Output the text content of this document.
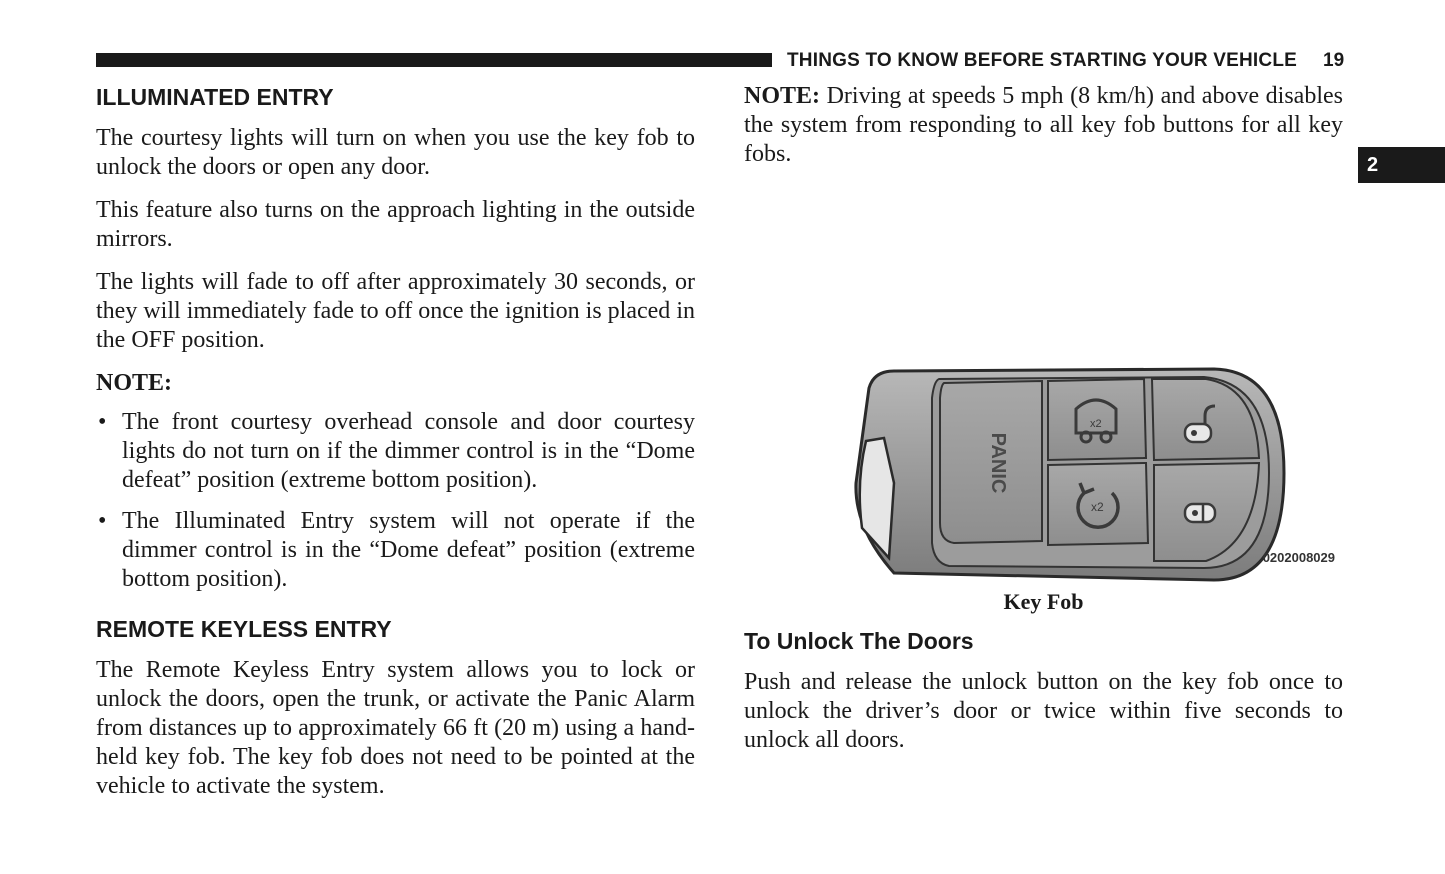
THINGS TO KNOW BEFORE STARTING YOUR VEHICLE 19
2
ILLUMINATED ENTRY

The courtesy lights will turn on when you use the key fob to unlock the doors or open any door.

This feature also turns on the approach lighting in the outside mirrors.

The lights will fade to off after approximately 30 seconds, or they will immediately fade to off once the ignition is placed in the OFF position.

NOTE:

• The front courtesy overhead console and door courtesy lights do not turn on if the dimmer control is in the “Dome defeat” position (extreme bottom position).
• The Illuminated Entry system will not operate if the dimmer control is in the “Dome defeat” position (extreme bottom position).
REMOTE KEYLESS ENTRY

The Remote Keyless Entry system allows you to lock or unlock the doors, open the trunk, or activate the Panic Alarm from distances up to approximately 66 ft (20 m) using a hand-held key fob. The key fob does not need to be pointed at the vehicle to activate the system.

NOTE: Driving at speeds 5 mph (8 km/h) and above disables the system from responding to all key fob buttons for all key fobs.

PANIC
x2
x2
0202008029
Key Fob
To Unlock The Doors

Push and release the unlock button on the key fob once to unlock the driver’s door or twice within five seconds to unlock all doors.
